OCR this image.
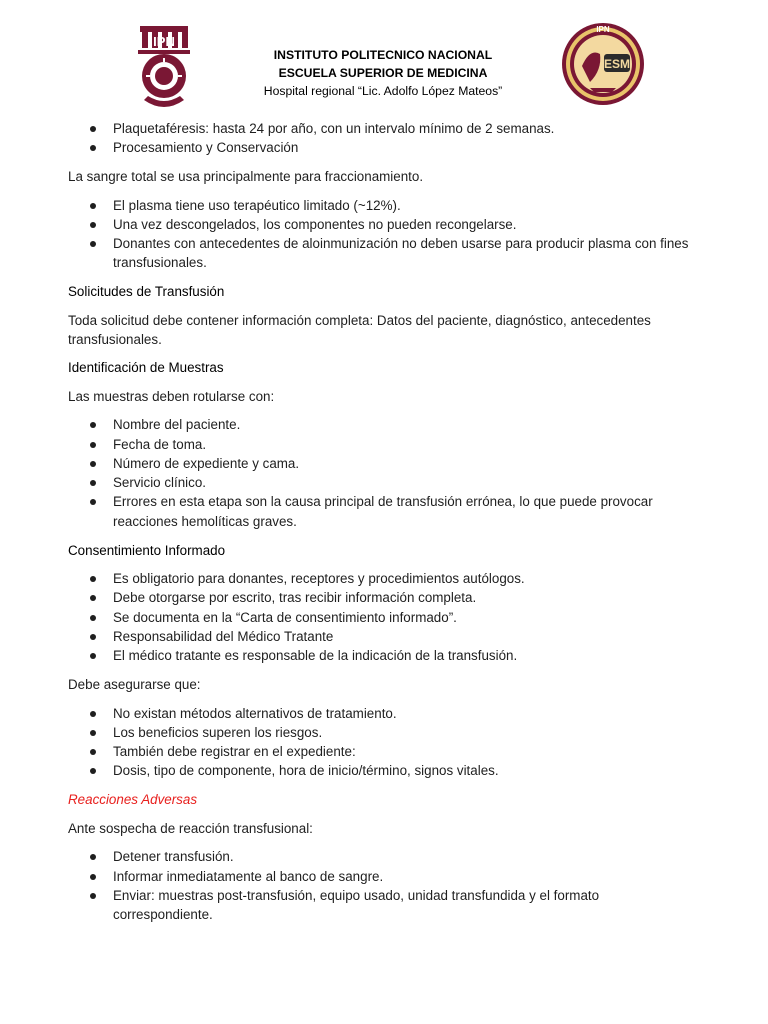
IPN
INSTITUTO POLITECNICO NACIONAL
ESCUELA SUPERIOR DE MEDICINA
Hospital regional “Lic. Adolfo López Mateos”
ESM
IPN
Plaquetaféresis: hasta 24 por año, con un intervalo mínimo de 2 semanas.
Procesamiento y Conservación

La sangre total se usa principalmente para fraccionamiento.

El plasma tiene uso terapéutico limitado (~12%).
Una vez descongelados, los componentes no pueden recongelarse.
Donantes con antecedentes de aloinmunización no deben usarse para producir plasma con fines transfusionales.

Solicitudes de Transfusión

Toda solicitud debe contener información completa: Datos del paciente, diagnóstico, antecedentes transfusionales.

Identificación de Muestras

Las muestras deben rotularse con:

Nombre del paciente.
Fecha de toma.
Número de expediente y cama.
Servicio clínico.
Errores en esta etapa son la causa principal de transfusión errónea, lo que puede provocar reacciones hemolíticas graves.

Consentimiento Informado

Es obligatorio para donantes, receptores y procedimientos autólogos.
Debe otorgarse por escrito, tras recibir información completa.
Se documenta en la “Carta de consentimiento informado”.
Responsabilidad del Médico Tratante
El médico tratante es responsable de la indicación de la transfusión.

Debe asegurarse que:

No existan métodos alternativos de tratamiento.
Los beneficios superen los riesgos.
También debe registrar en el expediente:
Dosis, tipo de componente, hora de inicio/término, signos vitales.

Reacciones Adversas

Ante sospecha de reacción transfusional:

Detener transfusión.
Informar inmediatamente al banco de sangre.
Enviar: muestras post-transfusión, equipo usado, unidad transfundida y el formato correspondiente.
